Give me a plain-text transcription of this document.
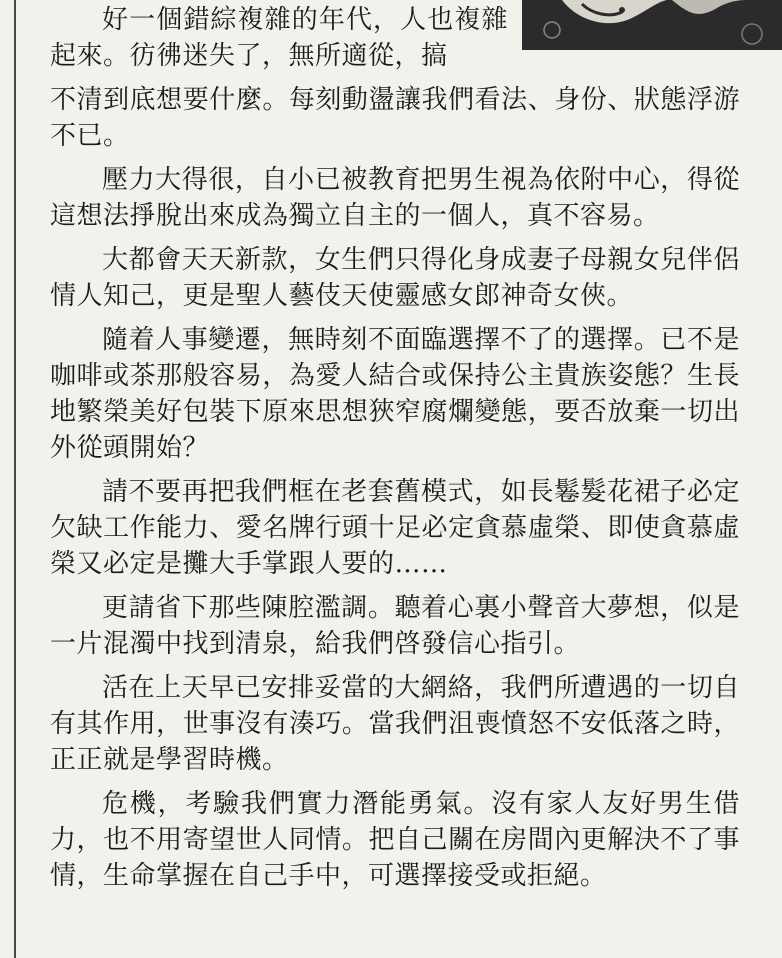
好一個錯綜複雜的年代，人也複雜起來。彷彿迷失了，無所適從，搞

不清到底想要什麼。每刻動盪讓我們看法、身份、狀態浮游不已。

壓力大得很，自小已被教育把男生視為依附中心，得從這想法掙脫出來成為獨立自主的一個人，真不容易。

大都會天天新款，女生們只得化身成妻子母親女兒伴侶情人知己，更是聖人藝伎天使靈感女郎神奇女俠。

隨着人事變遷，無時刻不面臨選擇不了的選擇。已不是咖啡或茶那般容易，為愛人結合或保持公主貴族姿態？生長地繁榮美好包裝下原來思想狹窄腐爛變態，要否放棄一切出外從頭開始？

請不要再把我們框在老套舊模式，如長鬈髮花裙子必定欠缺工作能力、愛名牌行頭十足必定貪慕虛榮、即使貪慕虛榮又必定是攤大手掌跟人要的……

更請省下那些陳腔濫調。聽着心裏小聲音大夢想，似是一片混濁中找到清泉，給我們啓發信心指引。

活在上天早已安排妥當的大網絡，我們所遭遇的一切自有其作用，世事沒有湊巧。當我們沮喪憤怒不安低落之時，正正就是學習時機。

危機，考驗我們實力潛能勇氣。沒有家人友好男生借力，也不用寄望世人同情。把自己關在房間內更解決不了事情，生命掌握在自己手中，可選擇接受或拒絕。
